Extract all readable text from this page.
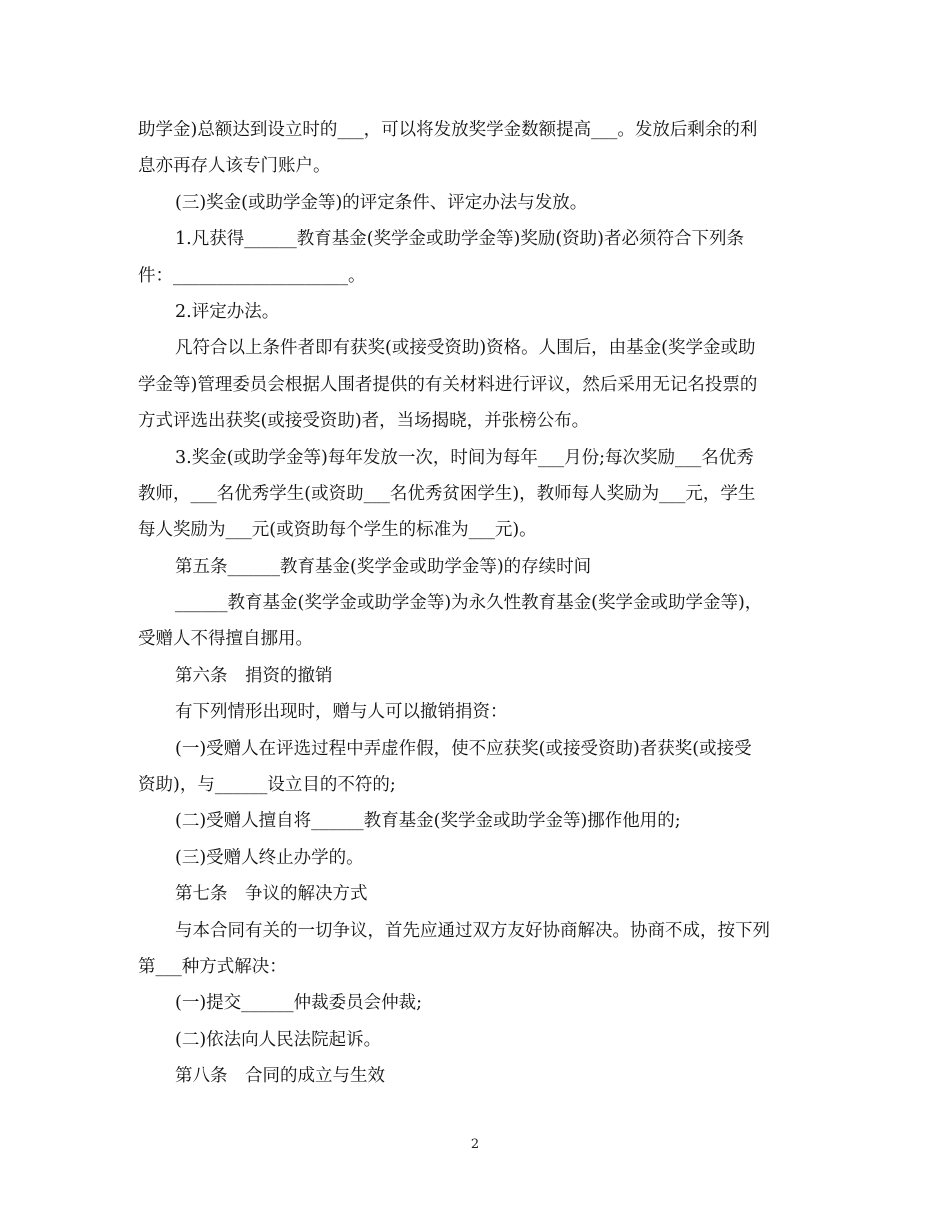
助学金)总额达到设立时的___，可以将发放奖学金数额提高___。发放后剩余的利
息亦再存人该专门账户。
(三)奖金(或助学金等)的评定条件、评定办法与发放。
1.凡获得______教育基金(奖学金或助学金等)奖励(资助)者必须符合下列条
件：____________________。
2.评定办法。
凡符合以上条件者即有获奖(或接受资助)资格。人围后，由基金(奖学金或助
学金等)管理委员会根据人围者提供的有关材料进行评议，然后采用无记名投票的
方式评选出获奖(或接受资助)者，当场揭晓，并张榜公布。
3.奖金(或助学金等)每年发放一次，时间为每年___月份;每次奖励___名优秀
教师，___名优秀学生(或资助___名优秀贫困学生)，教师每人奖励为___元，学生
每人奖励为___元(或资助每个学生的标准为___元)。
第五条______教育基金(奖学金或助学金等)的存续时间
______教育基金(奖学金或助学金等)为永久性教育基金(奖学金或助学金等)，
受赠人不得擅自挪用。
第六条　捐资的撤销
有下列情形出现时，赠与人可以撤销捐资：
(一)受赠人在评选过程中弄虚作假，使不应获奖(或接受资助)者获奖(或接受
资助)，与______设立目的不符的;
(二)受赠人擅自将______教育基金(奖学金或助学金等)挪作他用的;
(三)受赠人终止办学的。
第七条　争议的解决方式
与本合同有关的一切争议，首先应通过双方友好协商解决。协商不成，按下列
第___种方式解决：
(一)提交______仲裁委员会仲裁;
(二)依法向人民法院起诉。
第八条　合同的成立与生效
2
